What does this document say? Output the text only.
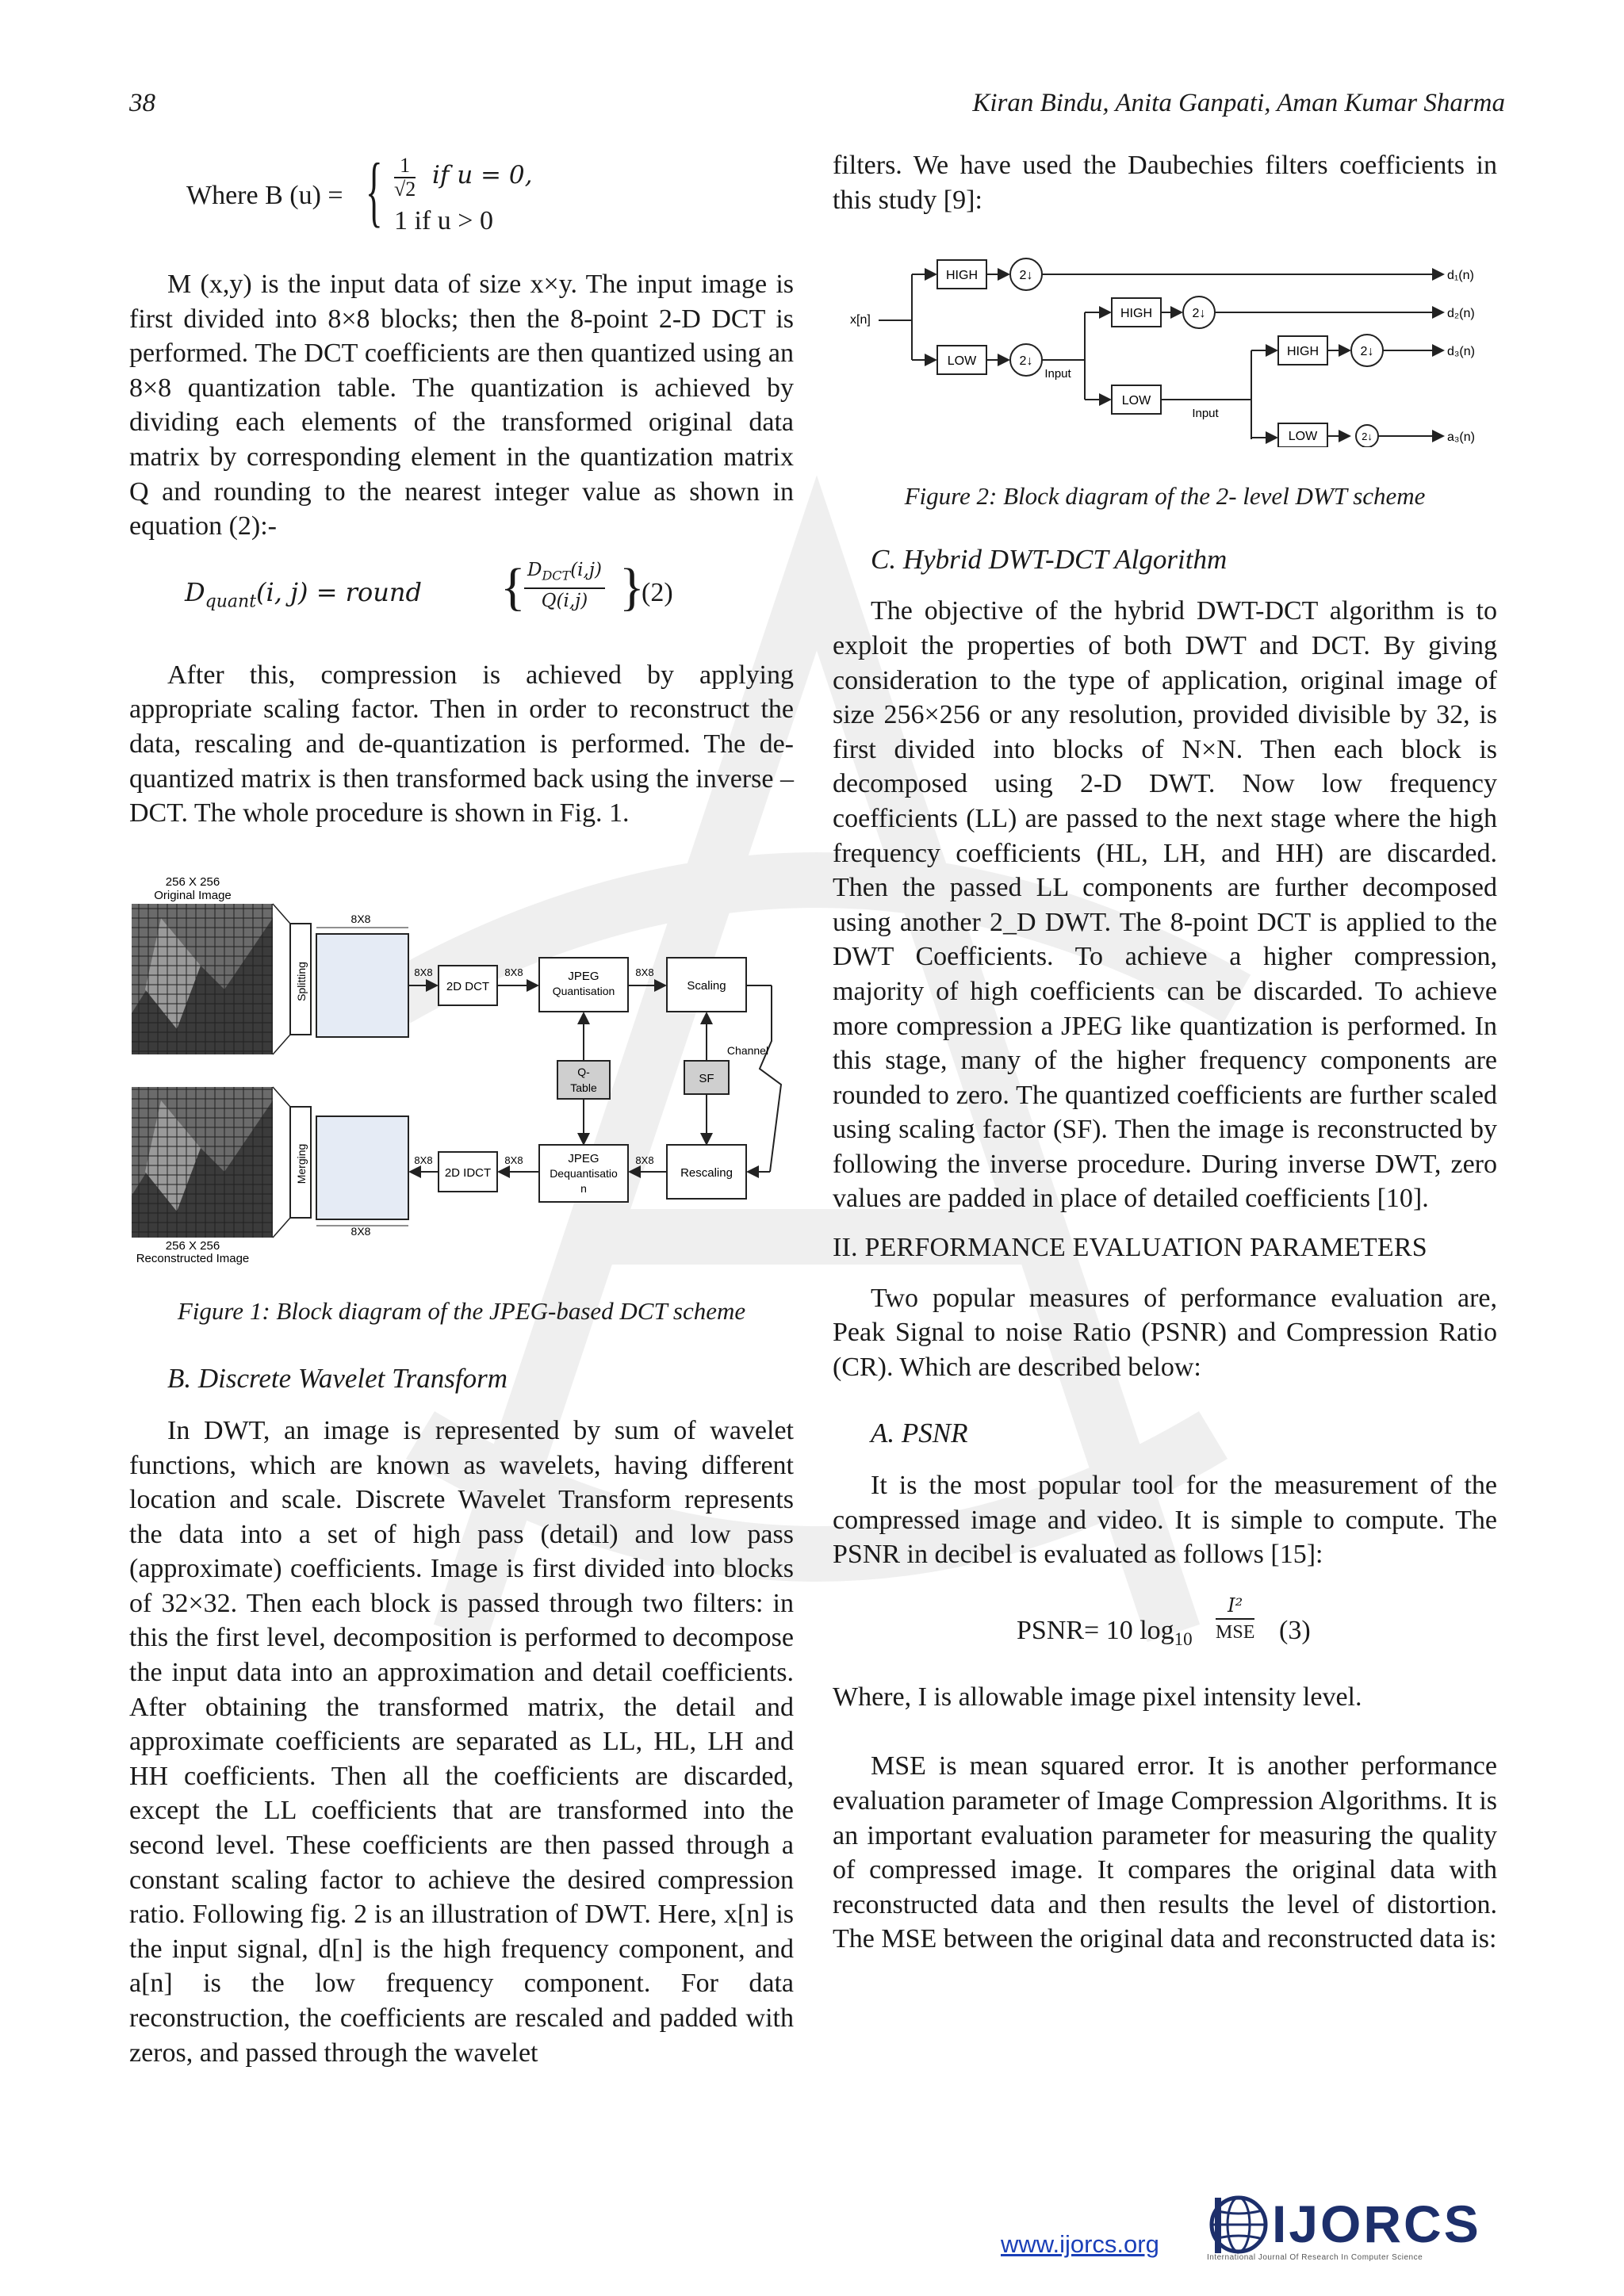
38	Kiran Bindu, Anita Ganpati, Aman Kumar Sharma
Where B (u) = { 1
√2 if u = 0,
1 if u > 0

M (x,y) is the input data of size x×y. The input image is first divided into 8×8 blocks; then the 8-point 2-D DCT is performed. The DCT coefficients are then quantized using an 8×8 quantization table. The quantization is achieved by dividing each elements of the transformed original data matrix by corresponding element in the quantization matrix Q and rounding to the nearest integer value as shown in equation (2):-

$D_{quant}(i$, j) = round { $D_{DCT}(i,j)$
Q(i,j) }
(2)

After this, compression is achieved by applying appropriate scaling factor. Then in order to reconstruct the data, rescaling and de-quantization is performed. The de-quantized matrix is then transformed back using the inverse – DCT. The whole procedure is shown in Fig. 1.

256 X 256
Original Image
256 X 256
Reconstructed Image
Splitting
Merging
8X8
8X8
8X8
2D DCT
8X8	JPEG
Quantisation
8X8
Scaling
Q-
Table
SF
Channel
Rescaling
8X8
JPEG
Dequantisatio
n
8X8
2D IDCT
8X8
Figure 1: Block diagram of the JPEG-based DCT scheme

B. Discrete Wavelet Transform

In DWT, an image is represented by sum of wavelet functions, which are known as wavelets, having different location and scale. Discrete Wavelet Transform represents the data into a set of high pass (detail) and low pass (approximate) coefficients. Image is first divided into blocks of 32×32. Then each block is passed through two filters: in this the first level, decomposition is performed to decompose the input data into an approximation and detail coefficients. After obtaining the transformed matrix, the detail and approximate coefficients are separated as LL, HL, LH and HH coefficients. Then all the coefficients are discarded, except the LL coefficients that are transformed into the second level. These coefficients are then passed through a constant scaling factor to achieve the desired compression ratio. Following fig. 2 is an illustration of DWT. Here, x[n] is the input signal, d[n] is the high frequency component, and a[n] is the low frequency component. For data reconstruction, the coefficients are rescaled and padded with zeros, and passed through the wavelet

filters. We have used the Daubechies filters coefficients in this study [9]:

x[n]
HIGH	2↓	d₁(n)
LOW	2↓
Input
HIGH	2↓	d₂(n)
LOW
Input
HIGH	2↓	d₃(n)
LOW	2↓	a₃(n)
Figure 2: Block diagram of the 2- level DWT scheme

C. Hybrid DWT-DCT Algorithm

The objective of the hybrid DWT-DCT algorithm is to exploit the properties of both DWT and DCT. By giving consideration to the type of application, original image of size 256×256 or any resolution, provided divisible by 32, is first divided into blocks of N×N. Then each block is decomposed using 2-D DWT. Now low frequency coefficients (LL) are passed to the next stage where the high frequency coefficients (HL, LH, and HH) are discarded. Then the passed LL components are further decomposed using another 2_D DWT. The 8-point DCT is applied to the DWT Coefficients. To achieve a higher compression, majority of high coefficients can be discarded. To achieve more compression a JPEG like quantization is performed. In this stage, many of the higher frequency components are rounded to zero. The quantized coefficients are further scaled using scaling factor (SF). Then the image is reconstructed by following the inverse procedure. During inverse DWT, zero values are padded in place of detailed coefficients [10].

II. PERFORMANCE EVALUATION PARAMETERS

Two popular measures of performance evaluation are, Peak Signal to noise Ratio (PSNR) and Compression Ratio (CR). Which are described below:

A. PSNR

It is the most popular tool for the measurement of the compressed image and video. It is simple to compute. The PSNR in decibel is evaluated as follows [15]:

PSNR= 10 $\log_{10}$
I²
MSE (3)

Where, I is allowable image pixel intensity level.

MSE is mean squared error. It is another performance evaluation parameter of Image Compression Algorithms. It is an important evaluation parameter for measuring the quality of compressed image. It compares the original data with reconstructed data and then results the level of distortion. The MSE between the original data and reconstructed data is:

www.ijorcs.org IJORCS
International Journal Of Research In Computer Science
